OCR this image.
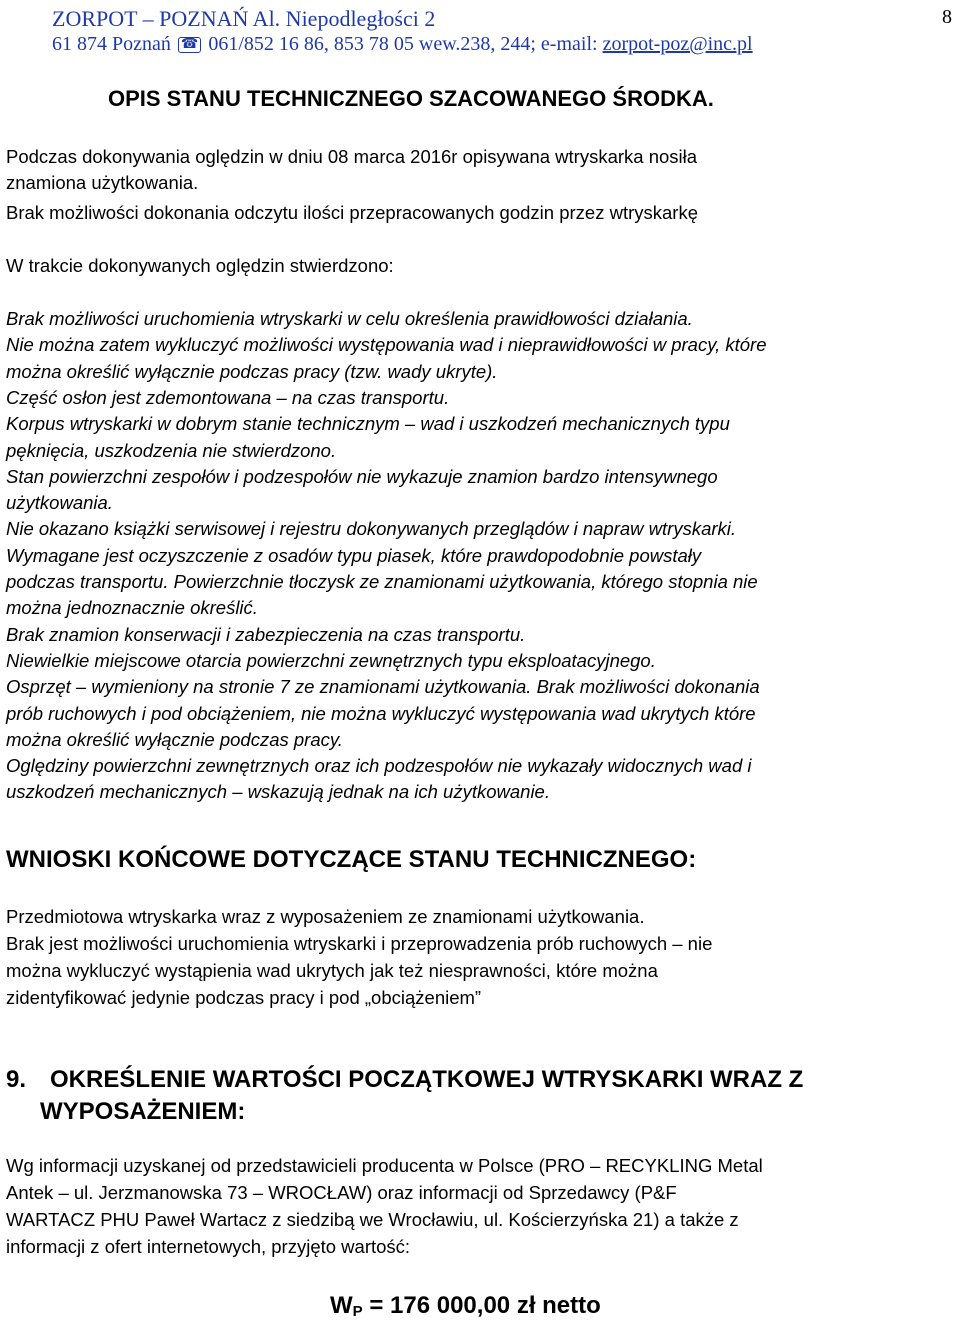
ZORPOT – POZNAŃ Al. Niepodległości 2	8
61 874 Poznań ☎ 061/852 16 86, 853 78 05 wew.238, 244; e-mail: zorpot-poz@inc.pl
OPIS STANU TECHNICZNEGO SZACOWANEGO ŚRODKA.
Podczas dokonywania oględzin w dniu 08 marca 2016r opisywana wtryskarka nosiła
znamiona użytkowania.
Brak możliwości dokonania odczytu ilości przepracowanych godzin przez wtryskarkę
W trakcie dokonywanych oględzin stwierdzono:
Brak możliwości uruchomienia wtryskarki w celu określenia prawidłowości działania.
Nie można zatem wykluczyć możliwości występowania wad i nieprawidłowości w pracy, które
można określić wyłącznie podczas pracy (tzw. wady ukryte).
Część osłon jest zdemontowana – na czas transportu.
Korpus wtryskarki w dobrym stanie technicznym – wad i uszkodzeń mechanicznych typu
pęknięcia, uszkodzenia nie stwierdzono.
Stan powierzchni zespołów i podzespołów nie wykazuje znamion bardzo intensywnego
użytkowania.
Nie okazano książki serwisowej i rejestru dokonywanych przeglądów i napraw wtryskarki.
Wymagane jest oczyszczenie z osadów typu piasek, które prawdopodobnie powstały
podczas transportu. Powierzchnie tłoczysk ze znamionami użytkowania, którego stopnia nie
można jednoznacznie określić.
Brak znamion konserwacji i zabezpieczenia na czas transportu.
Niewielkie miejscowe otarcia powierzchni zewnętrznych typu eksploatacyjnego.
Osprzęt – wymieniony na stronie 7 ze znamionami użytkowania. Brak możliwości dokonania
prób ruchowych i pod obciążeniem, nie można wykluczyć występowania wad ukrytych które
można określić wyłącznie podczas pracy.
Oględziny powierzchni zewnętrznych oraz ich podzespołów nie wykazały widocznych wad i
uszkodzeń mechanicznych – wskazują jednak na ich użytkowanie.
WNIOSKI KOŃCOWE DOTYCZĄCE STANU TECHNICZNEGO:
Przedmiotowa wtryskarka wraz z wyposażeniem ze znamionami użytkowania.
Brak jest możliwości uruchomienia wtryskarki i przeprowadzenia prób ruchowych – nie
można wykluczyć wystąpienia wad ukrytych jak też niesprawności, które można
zidentyfikować jedynie podczas pracy i pod „obciążeniem”
9. OKREŚLENIE WARTOŚCI POCZĄTKOWEJ WTRYSKARKI WRAZ Z
WYPOSAŻENIEM:
Wg informacji uzyskanej od przedstawicieli producenta w Polsce (PRO – RECYKLING Metal
Antek – ul. Jerzmanowska 73 – WROCŁAW) oraz informacji od Sprzedawcy (P&F
WARTACZ PHU Paweł Wartacz z siedzibą we Wrocławiu, ul. Kościerzyńska 21) a także z
informacji z ofert internetowych, przyjęto wartość:
$W_P = 176$ 000,00 zł netto
